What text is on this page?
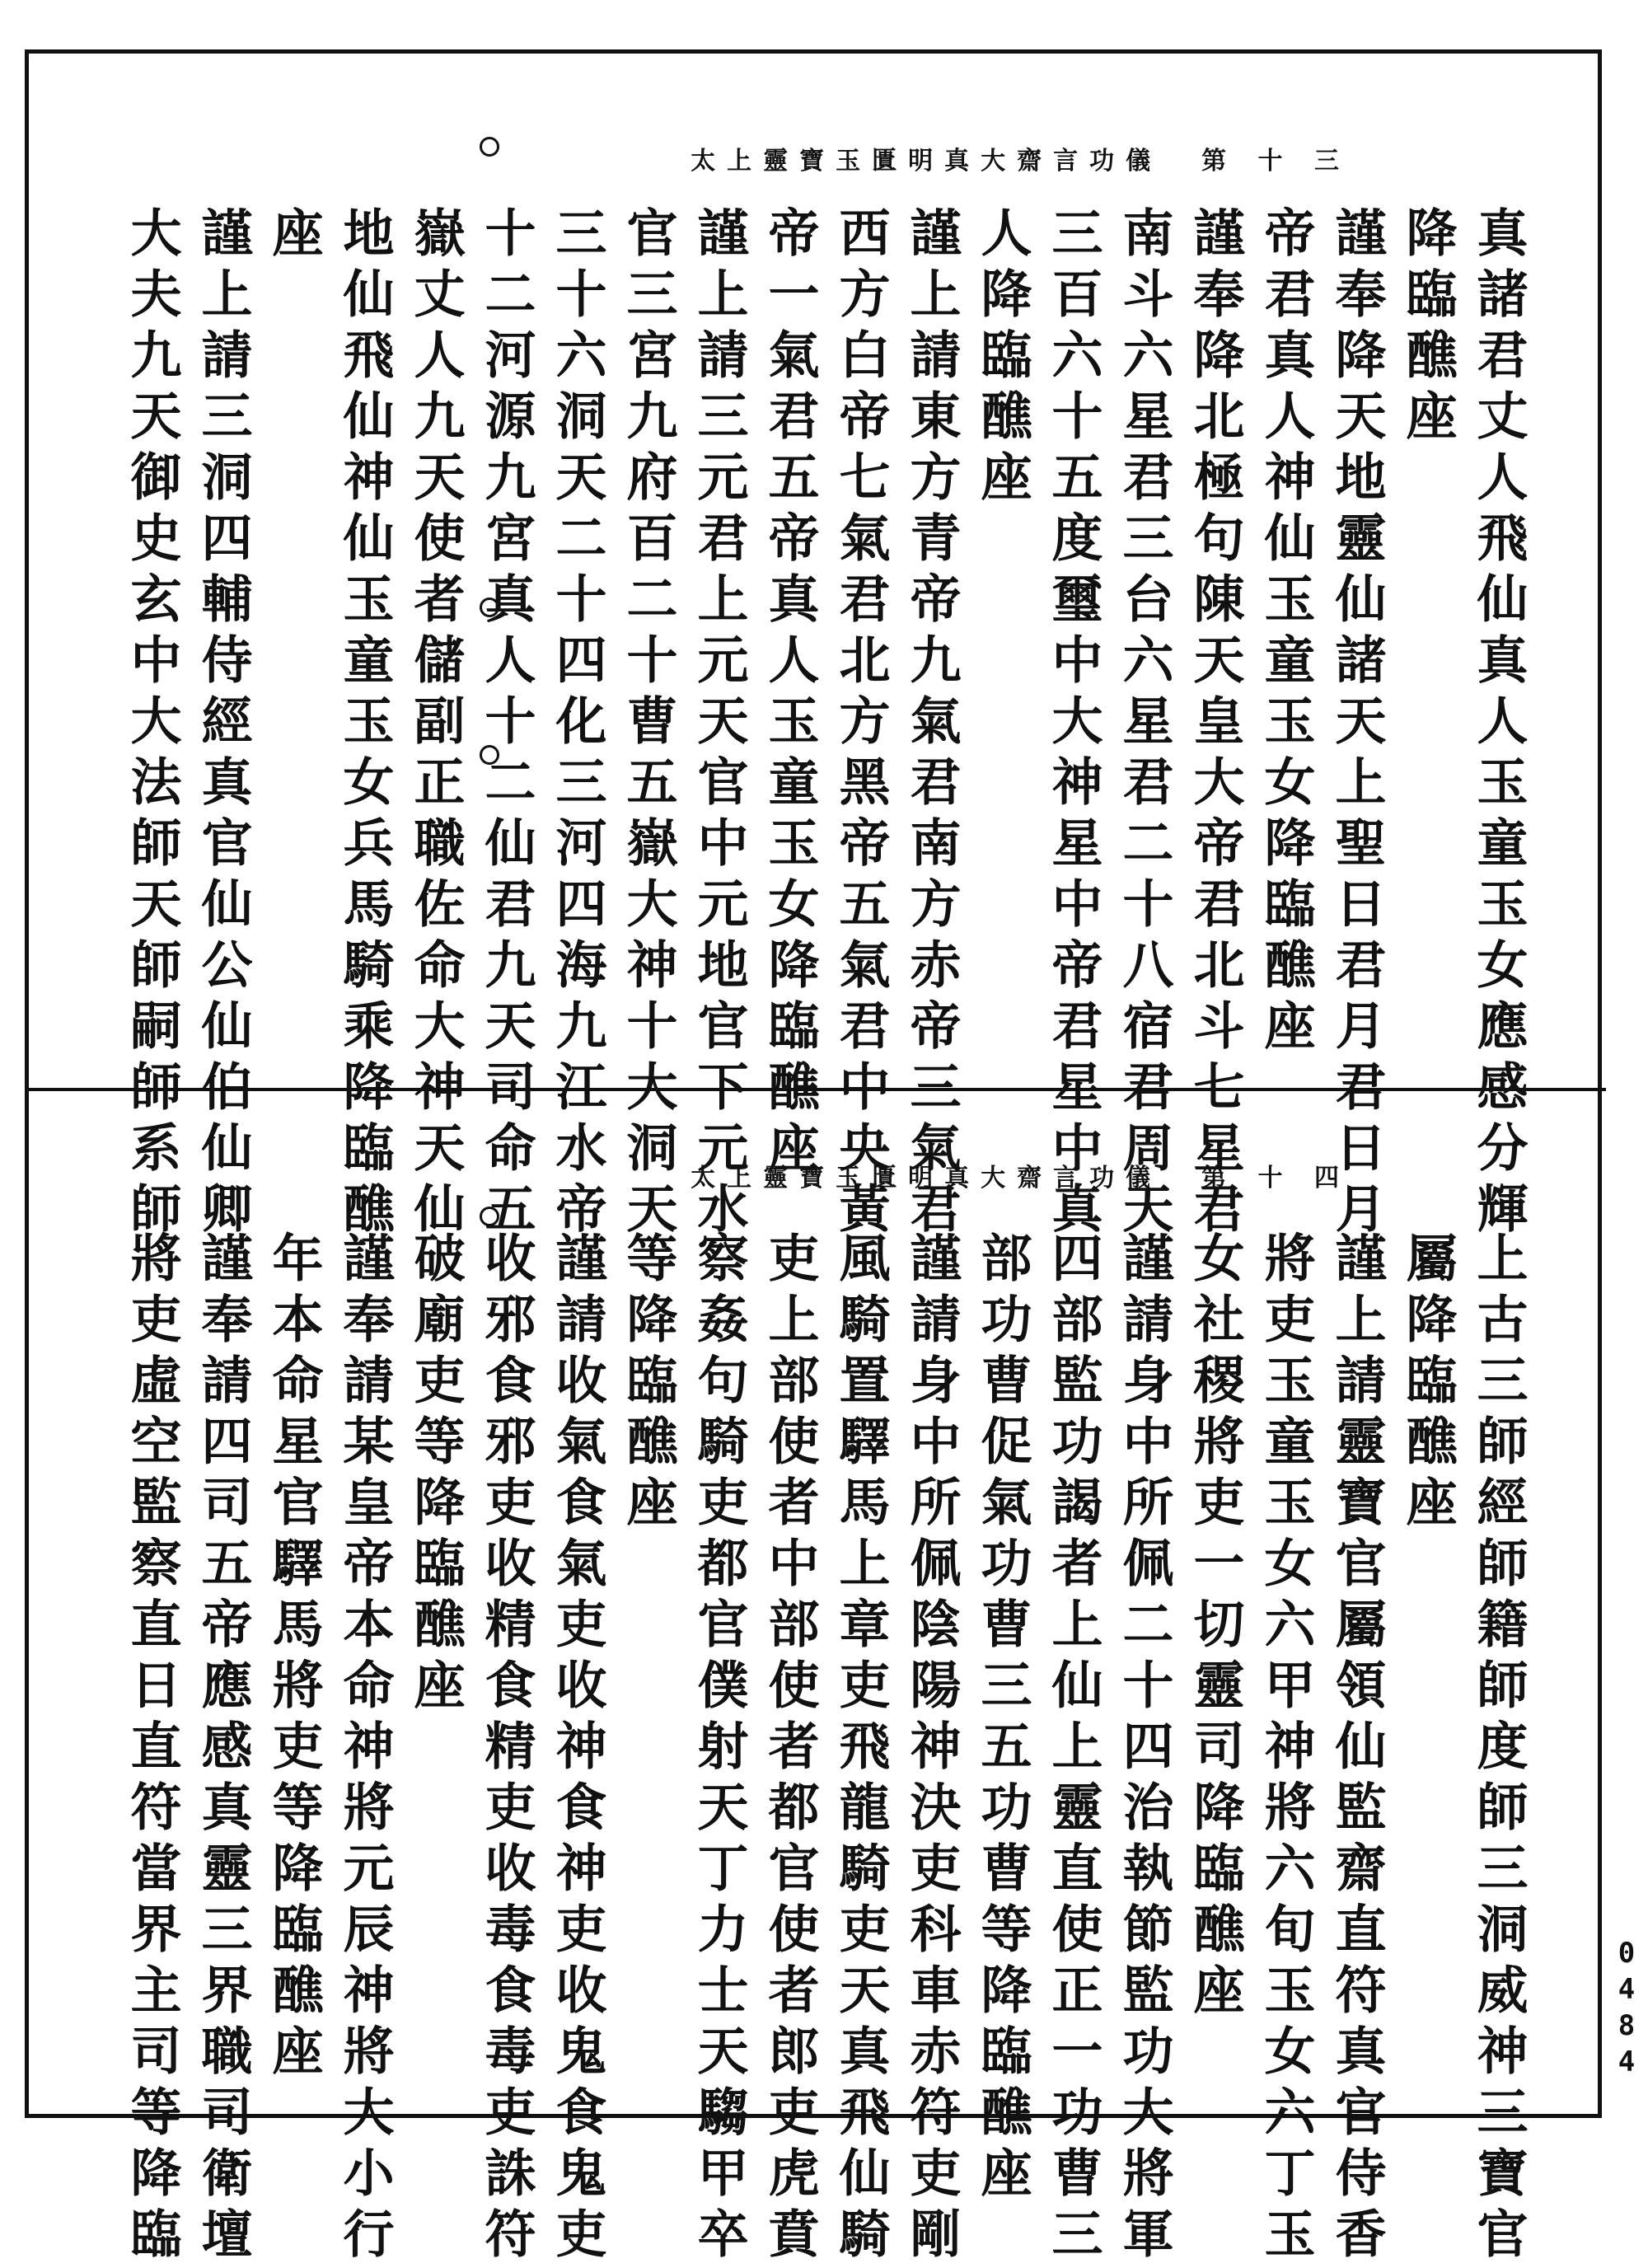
太上靈寶玉匱明真大齋言功儀 第 十 三
真諸君丈人飛仙真人玉童玉女應感分輝
降臨醮座
謹奉降天地靈仙諸天上聖日君月君日月
帝君真人神仙玉童玉女降臨醮座
謹奉降北極句陳天皇大帝君北斗七星君
南斗六星君三台六星君二十八宿君周天
三百六十五度璽中大神星中帝君星中真
人降臨醮座
謹上請東方青帝九氣君南方赤帝三氣君
西方白帝七氣君北方黑帝五氣君中央黃
帝一氣君五帝真人玉童玉女降臨醮座
謹上請三元君上元天官中元地官下元水
官三宮九府百二十曹五嶽大神十大洞天
三十六洞天二十四化三河四海九江水帝
十二河源九宮真人十二仙君九天司命五
嶽丈人九天使者儲副正職佐命大神天仙
地仙飛仙神仙玉童玉女兵馬騎乘降臨醮
座
謹上請三洞四輔侍經真官仙公仙伯仙卿
大夫九天御史玄中大法師天師嗣師系師	太上靈寶玉匱明真大齋言功儀 第 十 四
上古三師經師籍師度師三洞威神三寶官
屬降臨醮座
謹上請靈寶官屬領仙監齋直符真官侍香
將吏玉童玉女六甲神將六旬玉女六丁玉
女社稷將吏一切靈司降臨醮座
謹請身中所佩二十四治執節監功大將軍
四部監功謁者上仙上靈直使正一功曹三
部功曹促氣功曹三五功曹等降臨醮座
謹請身中所佩陰陽神決吏科車赤符吏剛
風騎置驛馬上章吏飛龍騎吏天真飛仙騎
吏上部使者中部使者都官使者郎吏虎賁
察姦句騎吏都官僕射天丁力士天騶甲卒
等降臨醮座
謹請收氣食氣吏收神食神吏收鬼食鬼吏
收邪食邪吏收精食精吏收毒食毒吏誅符
破廟吏等降臨醮座
謹奉請某皇帝本命神將元辰神將大小行
年本命星官驛馬將吏等降臨醮座
謹奉請四司五帝應感真靈三界職司衛壇
將吏虛空監察直日直符當界主司等降臨	0484
